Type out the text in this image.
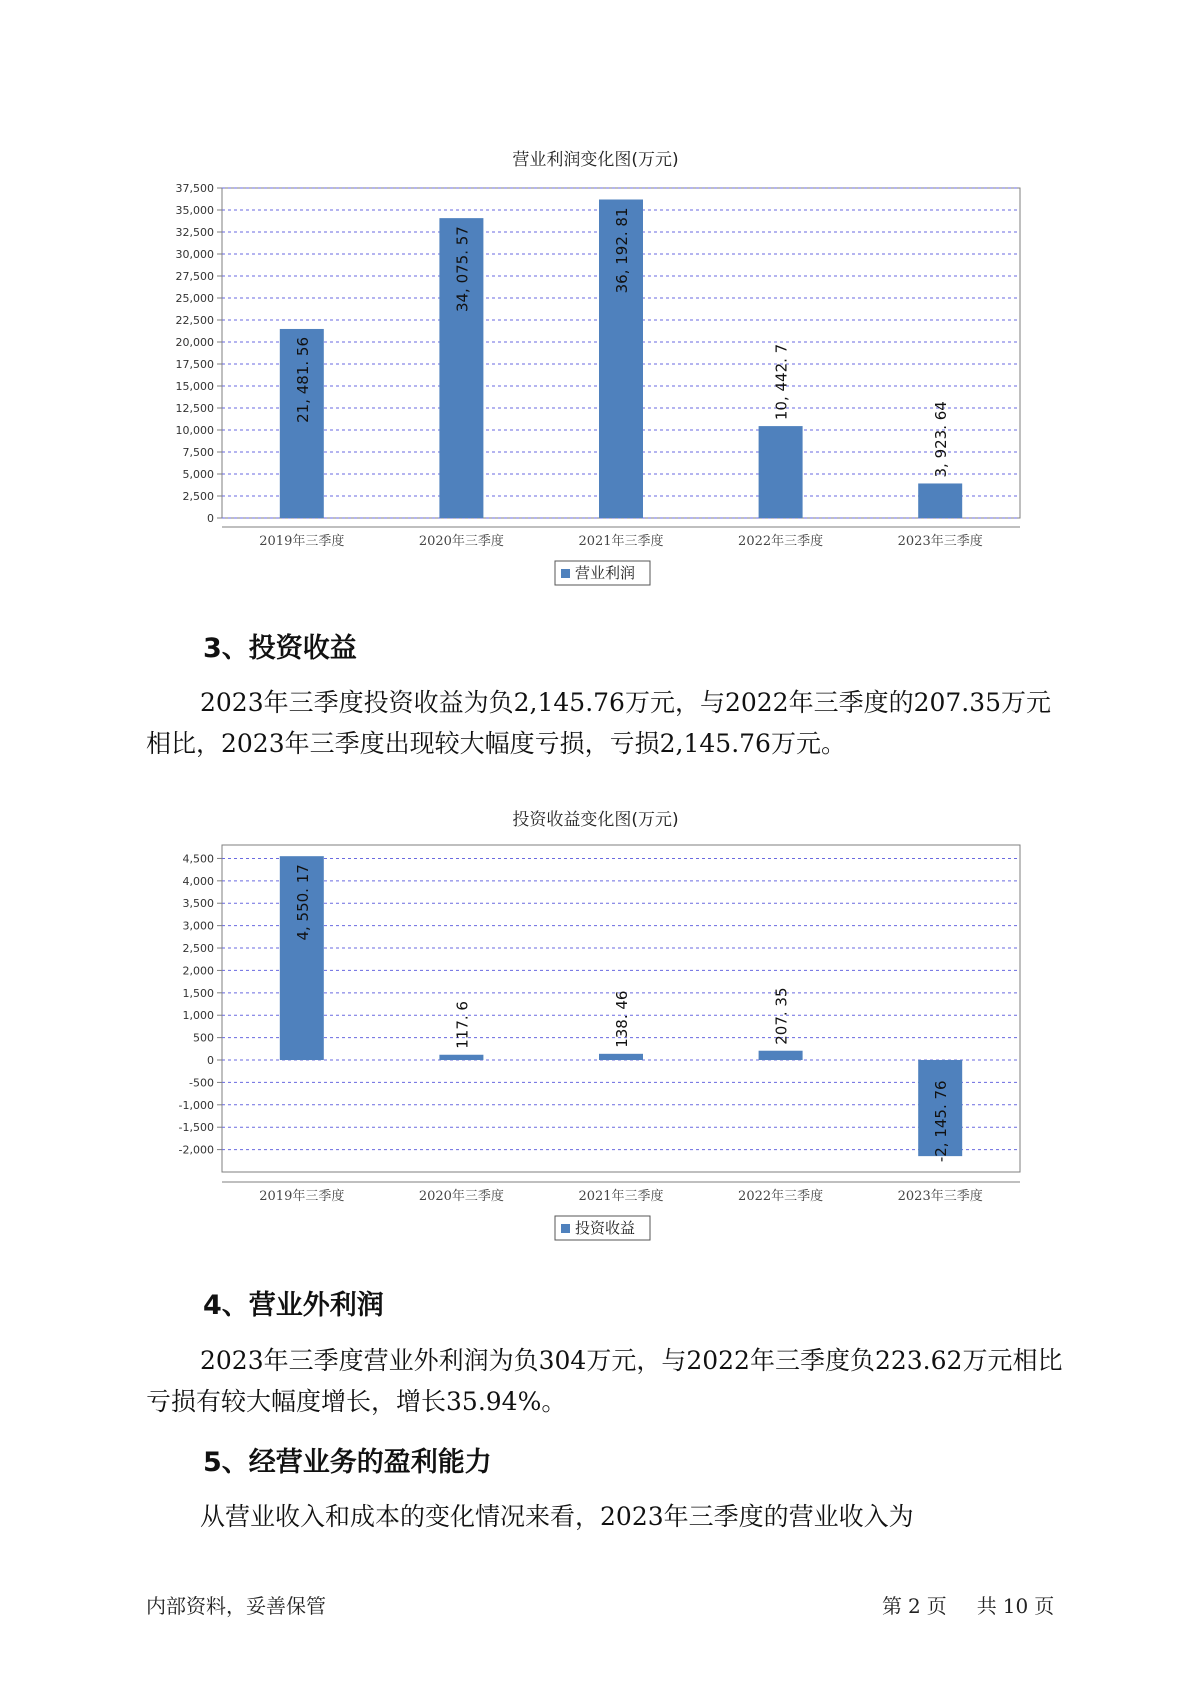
营业利润变化图(万元)
0
2,500
5,000
7,500
10,000
12,500
15,000
17,500
20,000
22,500
25,000
27,500
30,000
32,500
35,000
37,500
21, 481. 56
2019年三季度
34, 075. 57
2020年三季度
36, 192. 81
2021年三季度
10, 442. 7
2022年三季度
3, 923. 64
2023年三季度
营业利润
3、投资收益

2023年三季度投资收益为负2,145.76万元，与2022年三季度的207.35万元相比，2023年三季度出现较大幅度亏损，亏损2,145.76万元。

投资收益变化图(万元)
-2,000
-1,500
-1,000
-500
0
500
1,000
1,500
2,000
2,500
3,000
3,500
4,000
4,500
4, 550. 17
2019年三季度
117. 6
2020年三季度
138. 46
2021年三季度
207. 35
2022年三季度
-2, 145. 76
2023年三季度
投资收益
4、营业外利润

2023年三季度营业外利润为负304万元，与2022年三季度负223.62万元相比亏损有较大幅度增长，增长35.94%。

5、经营业务的盈利能力

从营业收入和成本的变化情况来看，2023年三季度的营业收入为

内部资料，妥善保管	第 2 页 共 10 页
